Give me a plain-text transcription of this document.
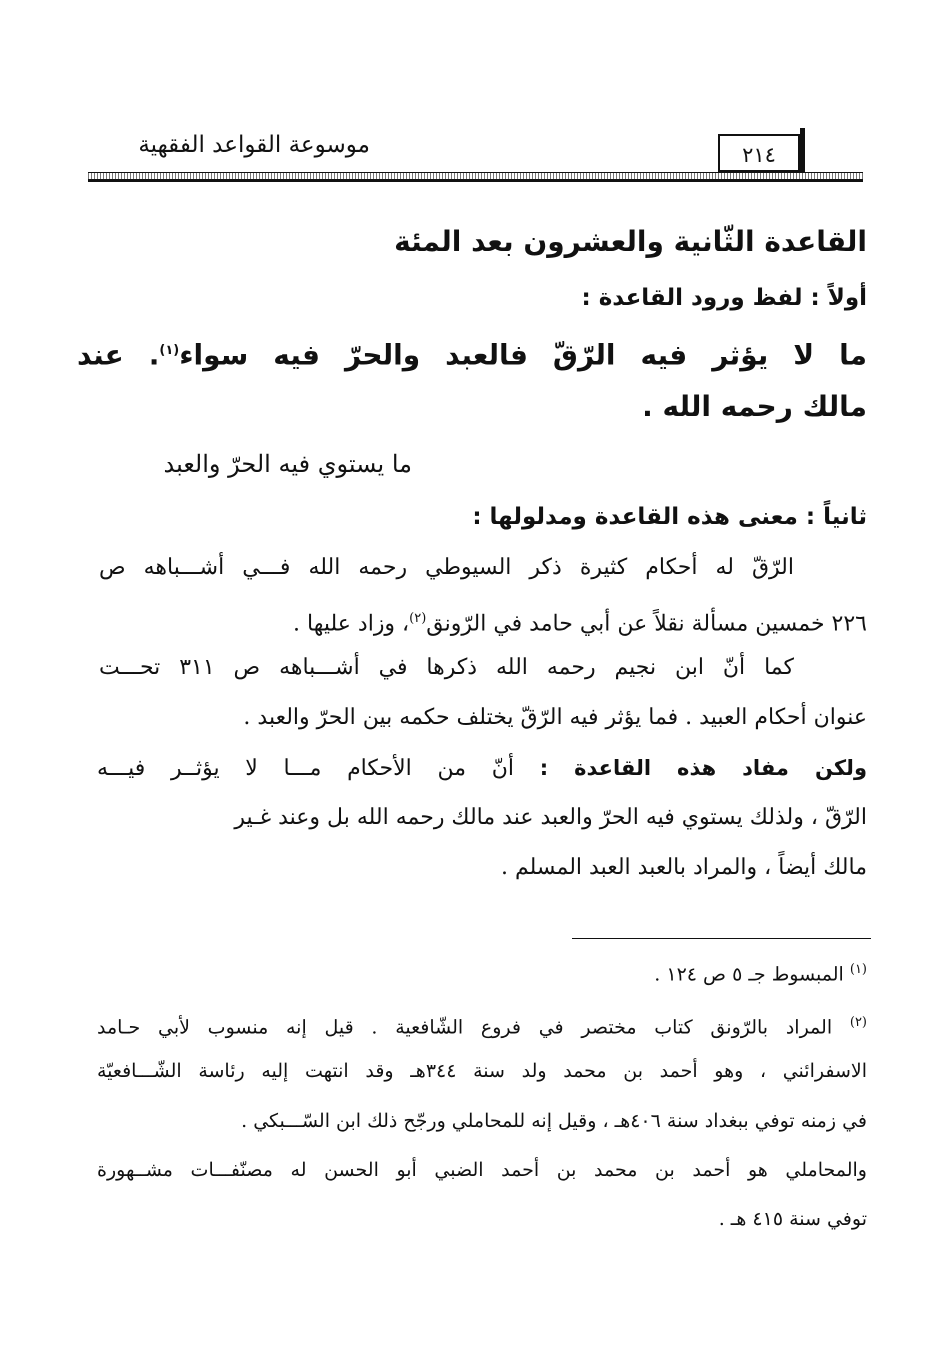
٢١٤
موسوعة القواعد الفقهية
القاعدة الثّانية والعشرون بعد المئة
أولاً : لفظ ورود القاعدة :
ما لا يؤثر فيه الرّقّ فالعبد والحرّ فيه سواء$^{(١)}$. عند
مالك رحمه الله .
ما يستوي فيه الحرّ والعبد
ثانياً : معنى هذه القاعدة ومدلولها :
الرّقّ له أحكام كثيرة ذكر السيوطي رحمه الله فـــي أشـــباهه ص
٢٢٦ خمسين مسألة نقلاً عن أبي حامد في الرّونق$^{(٢)}$، وزاد عليها .
كما أنّ ابن نجيم رحمه الله ذكرها في أشـــباهه ص ٣١١ تحـــت
عنوان أحكام العبيد . فما يؤثر فيه الرّقّ يختلف حكمه بين الحرّ والعبد .
ولكن مفاد هذه القاعدة : أنّ من الأحكام مـــا لا يؤثــر فيـــه
الرّقّ ، ولذلك يستوي فيه الحرّ والعبد عند مالك رحمه الله بل وعند غـير
مالك أيضاً ، والمراد بالعبد العبد المسلم .
$^{(١)}$ المبسوط جـ ٥ ص ١٢٤ .
$^{(٢)}$ المراد بالرّونق كتاب مختصر في فروع الشّافعية . قيل إنه منسوب لأبي حـامد
الاسفرائني ، وهو أحمد بن محمد ولد سنة ٣٤٤هـ وقد انتهت إليه رئاسة الشّـــافعيّة
في زمنه توفي ببغداد سنة ٤٠٦هـ ، وقيل إنه للمحاملي ورجّح ذلك ابن السّـــبكي .
والمحاملي هو أحمد بن محمد بن أحمد الضبي أبو الحسن له مصنّفـــات مشــهورة
توفي سنة ٤١٥ هـ .
